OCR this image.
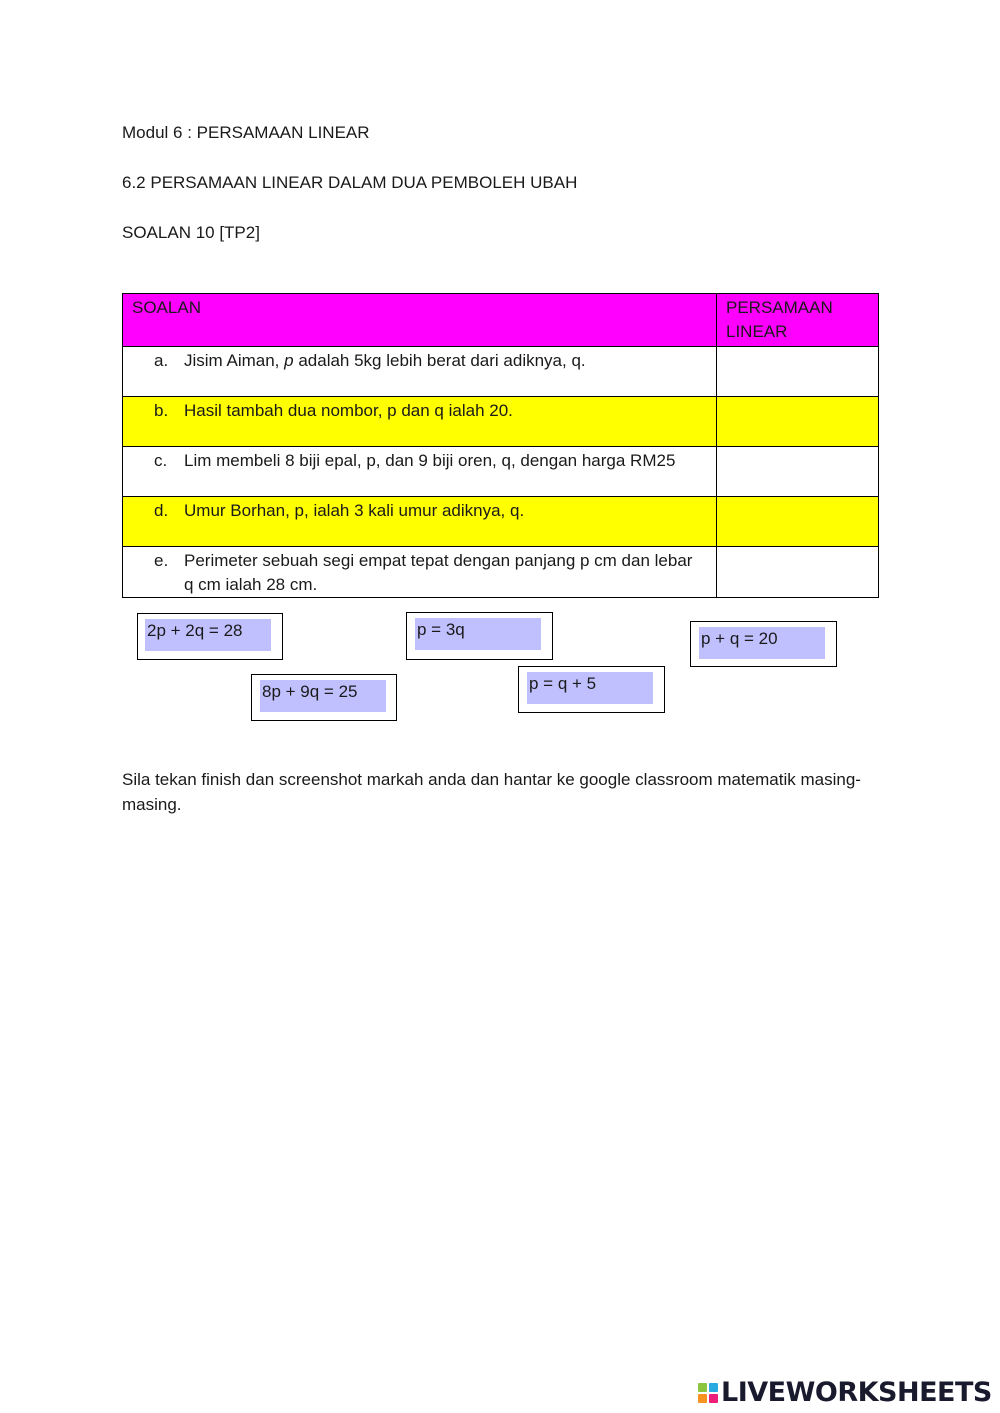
Modul 6 : PERSAMAAN LINEAR
6.2 PERSAMAAN LINEAR DALAM DUA PEMBOLEH UBAH
SOALAN 10 [TP2]
SOALAN	PERSAMAAN LINEAR

a. Jisim Aiman, p adalah 5kg lebih berat dari adiknya, q.	

b. Hasil tambah dua nombor, p dan q ialah 20.	

c. Lim membeli 8 biji epal, p, dan 9 biji oren, q, dengan harga RM25	

d. Umur Borhan, p, ialah 3 kali umur adiknya, q.	

e. Perimeter sebuah segi empat tepat dengan panjang p cm dan lebar q cm ialah 28 cm.	

2p + 2q = 28	p = 3q	p + q = 20
8p + 9q = 25	p = q + 5
Sila tekan finish dan screenshot markah anda dan hantar ke google classroom matematik masing-masing.
LIVEWORKSHEETS
